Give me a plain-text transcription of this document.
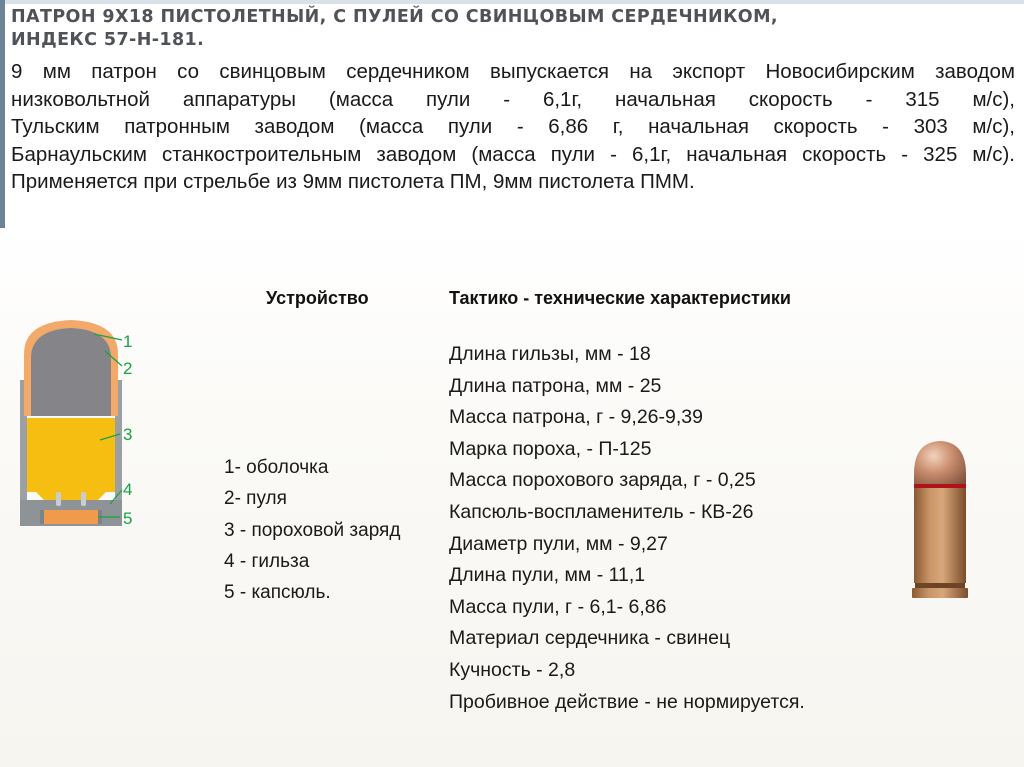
ПАТРОН 9Х18 ПИСТОЛЕТНЫЙ, С ПУЛЕЙ СО СВИНЦОВЫМ СЕРДЕЧНИКОМ,
ИНДЕКС 57-Н-181.

9 мм патрон со свинцовым сердечником выпускается на экспорт Новосибирским заводом
низковольтной аппаратуры (масса пули - 6,1г, начальная скорость - 315 м/с),
Тульским патронным заводом (масса пули - 6,86 г, начальная скорость - 303 м/с),
Барнаульским станкостроительным заводом (масса пули - 6,1г, начальная скорость - 325 м/с).
Применяется при стрельбе из 9мм пистолета ПМ, 9мм пистолета ПММ.

Устройство	Тактико - технические характеристики
1
2
3
4
5
1- оболочка
2- пуля
3 - пороховой заряд
4 - гильза
5 - капсюль.
Длина гильзы, мм - 18
Длина патрона, мм - 25
Масса патрона, г - 9,26-9,39
Марка пороха, - П-125
Масса порохового заряда, г - 0,25
Капсюль-воспламенитель - КВ-26
Диаметр пули, мм - 9,27
Длина пули, мм - 11,1
Масса пули, г - 6,1- 6,86
Материал сердечника - свинец
Кучность - 2,8
Пробивное действие - не нормируется.
